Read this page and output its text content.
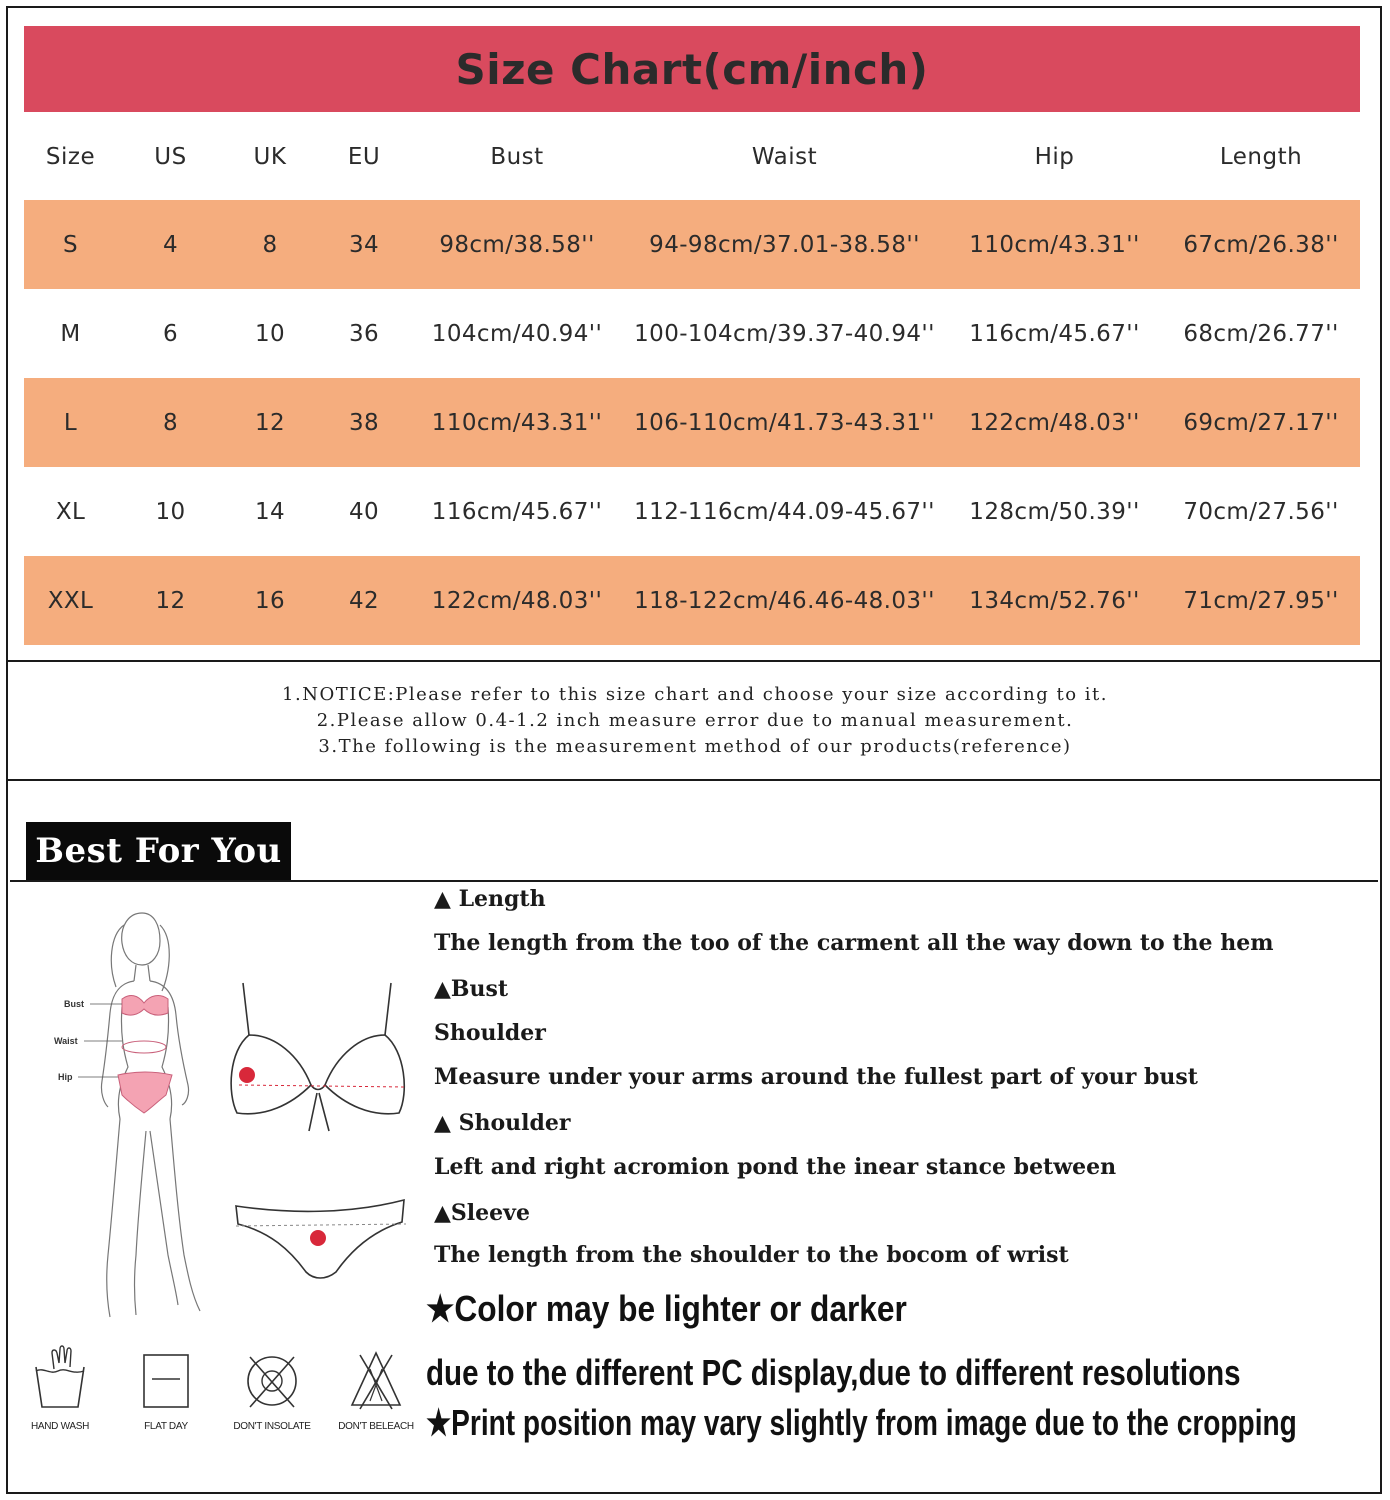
Size Chart(cm/inch)
Size	US	UK	EU	Bust	Waist	Hip	Length
S	4	8	34	98cm/38.58''	94-98cm/37.01-38.58''	110cm/43.31''	67cm/26.38''
M	6	10	36	104cm/40.94''	100-104cm/39.37-40.94''	116cm/45.67''	68cm/26.77''
L	8	12	38	110cm/43.31''	106-110cm/41.73-43.31''	122cm/48.03''	69cm/27.17''
XL	10	14	40	116cm/45.67''	112-116cm/44.09-45.67''	128cm/50.39''	70cm/27.56''
XXL	12	16	42	122cm/48.03''	118-122cm/46.46-48.03''	134cm/52.76''	71cm/27.95''
1.NOTICE:Please refer to this size chart and choose your size according to it.
2.Please allow 0.4-1.2 inch measure error due to manual measurement.
3.The following is the measurement method of our products(reference)
Best For You
Bust
Waist
Hip
▲ Length
The length from the too of the carment all the way down to the hem
▲Bust
Shoulder
Measure under your arms around the fullest part of your bust
▲ Shoulder
Left and right acromion pond the inear stance between
▲Sleeve
The length from the shoulder to the bocom of wrist
★Color may be lighter or darker
due to the different PC display,due to different resolutions
★Print position may vary slightly from image due to the cropping
HAND WASH	FLAT DAY	DON'T INSOLATE	DON'T BELEACH
